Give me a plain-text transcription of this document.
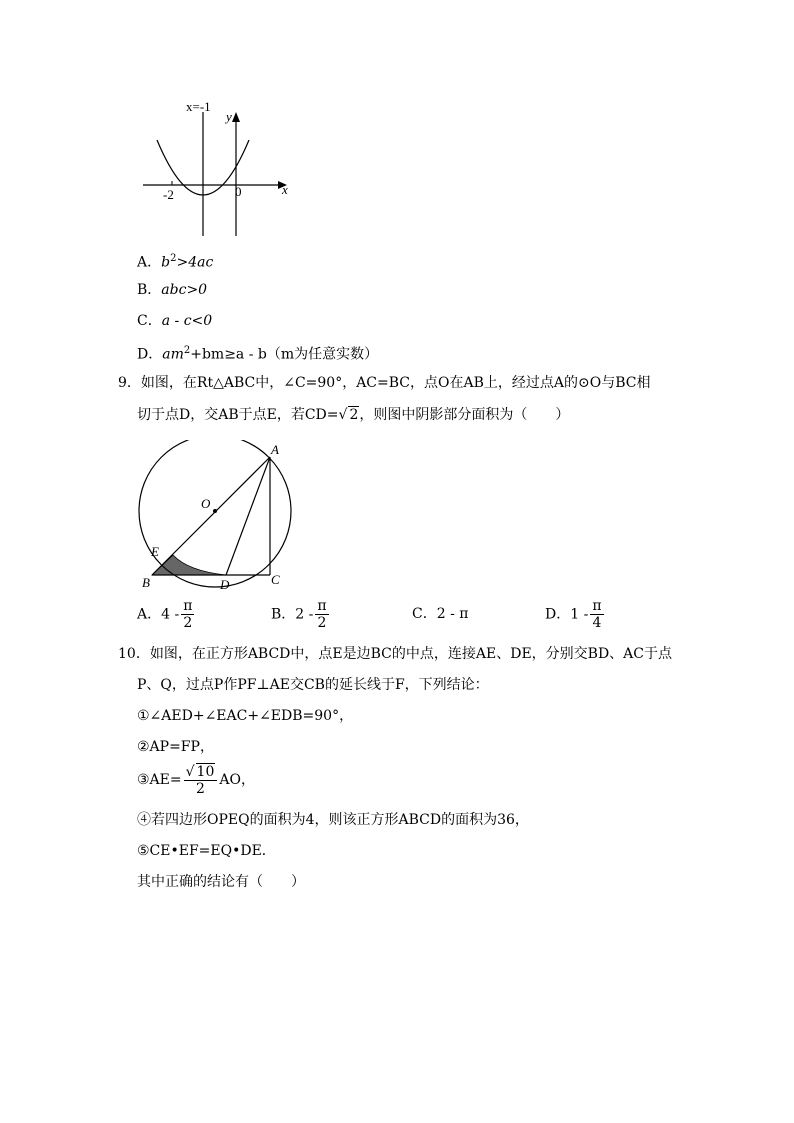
x=-1
y
x
-2	0
A．$b^2>4ac$
B．abc>0
C．a - c<0
D．$am^2+bm\ge a - b(m$为任意实数）
9．如图，在Rt△ABC中，∠C=90°，AC=BC，点O在AB上，经过点A的⊙O与BC相
切于点D，交AB于点E，若CD=√ 2，则图中阴影部分面积为（　　）
A
O
E
B	D	C
A．$4 - \frac{\pi}{2}$	B．$2 - \frac{\pi}{2}$	C．2 - π	D．$1 - \frac{\pi}{4}$
10．如图，在正方形ABCD中，点E是边BC的中点，连接AE、DE，分别交BD、AC于点
P、Q，过点P作PF⊥AE交CB的延长线于F，下列结论：
①∠AED+∠EAC+∠EDB=90°，
②AP=FP，
③AE= $\frac{√ 10}{2}$ AO，
④若四边形OPEQ的面积为4，则该正方形ABCD的面积为36，
⑤CE•EF=EQ•DE．
其中正确的结论有（　　）
